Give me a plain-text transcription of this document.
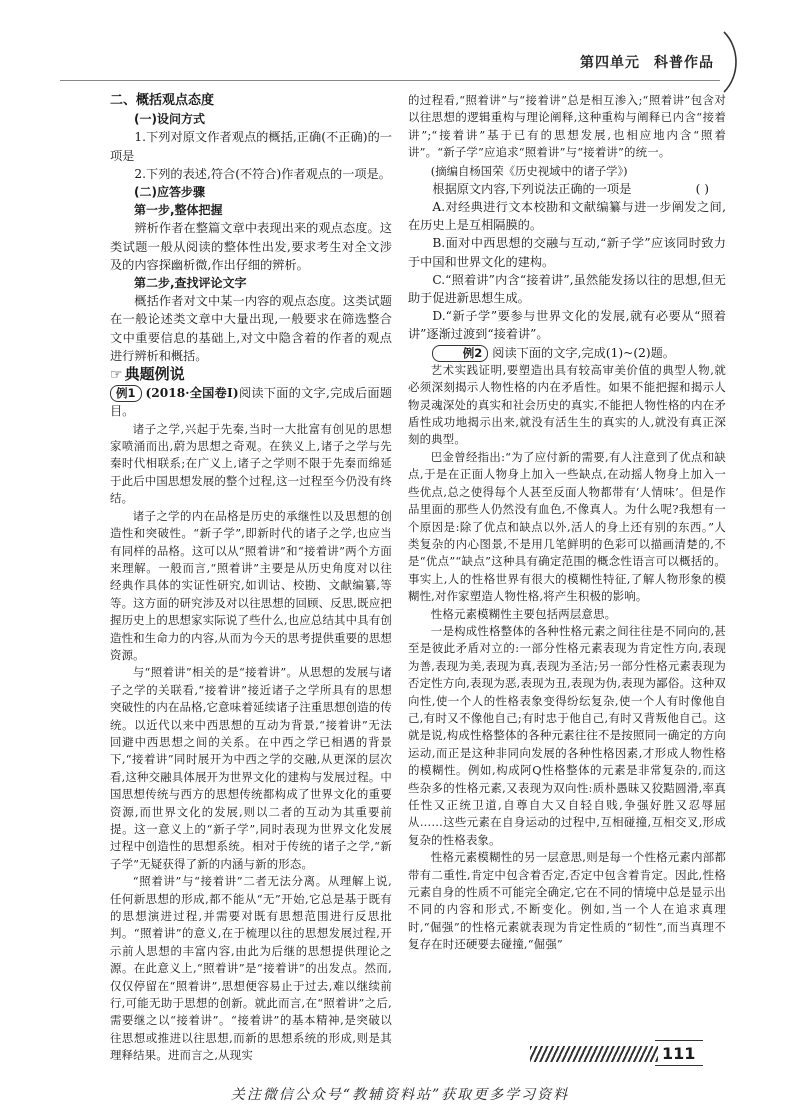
第四单元 科普作品

二、概括观点态度

(一)设问方式

1.下列对原文作者观点的概括,正确(不正确)的一项是

2.下列的表述,符合(不符合)作者观点的一项是。

(二)应答步骤

第一步,整体把握

辨析作者在整篇文章中表现出来的观点态度。这类试题一般从阅读的整体性出发,要求考生对全文涉及的内容探幽析微,作出仔细的辨析。

第二步,查找评论文字

概括作者对文中某一内容的观点态度。这类试题在一般论述类文章中大量出现,一般要求在筛选整合文中重要信息的基础上,对文中隐含着的作者的观点进行辨析和概括。

☞ 典题例说

例1 (2018·全国卷Ⅰ)阅读下面的文字,完成后面题目。

诸子之学,兴起于先秦,当时一大批富有创见的思想家喷涌而出,蔚为思想之奇观。在狭义上,诸子之学与先秦时代相联系;在广义上,诸子之学则不限于先秦而绵延于此后中国思想发展的整个过程,这一过程至今仍没有终结。

诸子之学的内在品格是历史的承继性以及思想的创造性和突破性。“新子学”,即新时代的诸子之学,也应当有同样的品格。这可以从“照着讲”和“接着讲”两个方面来理解。一般而言,“照着讲”主要是从历史角度对以往经典作具体的实证性研究,如训诂、校勘、文献编纂,等等。这方面的研究涉及对以往思想的回顾、反思,既应把握历史上的思想家实际说了些什么,也应总结其中具有创造性和生命力的内容,从而为今天的思考提供重要的思想资源。

与“照着讲”相关的是“接着讲”。从思想的发展与诸子之学的关联看,“接着讲”接近诸子之学所具有的思想突破性的内在品格,它意味着延续诸子注重思想创造的传统。以近代以来中西思想的互动为背景,“接着讲”无法回避中西思想之间的关系。在中西之学已相遇的背景下,“接着讲”同时展开为中西之学的交融,从更深的层次看,这种交融具体展开为世界文化的建构与发展过程。中国思想传统与西方的思想传统都构成了世界文化的重要资源,而世界文化的发展,则以二者的互动为其重要前提。这一意义上的“新子学”,同时表现为世界文化发展过程中创造性的思想系统。相对于传统的诸子之学,“新子学”无疑获得了新的内涵与新的形态。

“照着讲”与“接着讲”二者无法分离。从理解上说,任何新思想的形成,都不能从“无”开始,它总是基于既有的思想演进过程,并需要对既有思想范围进行反思批判。“照着讲”的意义,在于梳理以往的思想发展过程,开示前人思想的丰富内容,由此为后继的思想提供理论之源。在此意义上,“照着讲”是“接着讲”的出发点。然而,仅仅停留在“照着讲”,思想便容易止于过去,难以继续前行,可能无助于思想的创新。就此而言,在“照着讲”之后,需要继之以“接着讲”。“接着讲”的基本精神,是突破以往思想或推进以往思想,而新的思想系统的形成,则是其理释结果。进而言之,从现实

的过程看,“照着讲”与“接着讲”总是相互渗入;“照着讲”包含对以往思想的逻辑重构与理论阐释,这种重构与阐释已内含“接着讲”;“接着讲”基于已有的思想发展,也相应地内含“照着讲”。“新子学”应追求“照着讲”与“接着讲”的统一。

(摘编自杨国荣《历史视域中的诸子学》)

根据原文内容,下列说法正确的一项是	( )

A.对经典进行文本校勘和文献编纂与进一步阐发之间,在历史上是互相隔膜的。

B.面对中西思想的交融与互动,“新子学”应该同时致力于中国和世界文化的建构。

C.“照着讲”内含“接着讲”,虽然能发扬以往的思想,但无助于促进新思想生成。

D.“新子学”要参与世界文化的发展,就有必要从“照着讲”逐渐过渡到“接着讲”。

例2 阅读下面的文字,完成(1)~(2)题。

艺术实践证明,要塑造出具有较高审美价值的典型人物,就必须深刻揭示人物性格的内在矛盾性。如果不能把握和揭示人物灵魂深处的真实和社会历史的真实,不能把人物性格的内在矛盾性成功地揭示出来,就没有活生生的真实的人,就没有真正深刻的典型。

巴金曾经指出:“为了应付新的需要,有人注意到了优点和缺点,于是在正面人物身上加入一些缺点,在动摇人物身上加入一些优点,总之使得每个人甚至反面人物都带有‘人情味’。但是作品里面的那些人仍然没有血色,不像真人。为什么呢?我想有一个原因是:除了优点和缺点以外,活人的身上还有别的东西。”人类复杂的内心图景,不是用几笔鲜明的色彩可以描画清楚的,不是“优点”“缺点”这种具有确定范围的概念性语言可以概括的。事实上,人的性格世界有很大的模糊性特征,了解人物形象的模糊性,对作家塑造人物性格,将产生积极的影响。

性格元素模糊性主要包括两层意思。

一是构成性格整体的各种性格元素之间往往是不同向的,甚至是彼此矛盾对立的:一部分性格元素表现为肯定性方向,表现为善,表现为美,表现为真,表现为圣洁;另一部分性格元素表现为否定性方向,表现为恶,表现为丑,表现为伪,表现为鄙俗。这种双向性,使一个人的性格表象变得纷纭复杂,使一个人有时像他自己,有时又不像他自己;有时忠于他自己,有时又背叛他自己。这就是说,构成性格整体的各种元素往往不是按照同一确定的方向运动,而正是这种非同向发展的各种性格因素,才形成人物性格的模糊性。例如,构成阿Q性格整体的元素是非常复杂的,而这些杂多的性格元素,又表现为双向性:质朴愚昧又狡黠圆滑,率真任性又正统卫道,自尊自大又自轻自贱,争强好胜又忍辱屈从……这些元素在自身运动的过程中,互相碰撞,互相交叉,形成复杂的性格表象。

性格元素模糊性的另一层意思,则是每一个性格元素内部都带有二重性,肯定中包含着否定,否定中包含着肯定。因此,性格元素自身的性质不可能完全确定,它在不同的情境中总是显示出不同的内容和形式,不断变化。例如,当一个人在追求真理时,“倔强”的性格元素就表现为肯定性质的“韧性”,而当真理不复存在时还硬要去碰撞,“倔强”

111
关注微信公众号“教辅资料站”获取更多学习资料
